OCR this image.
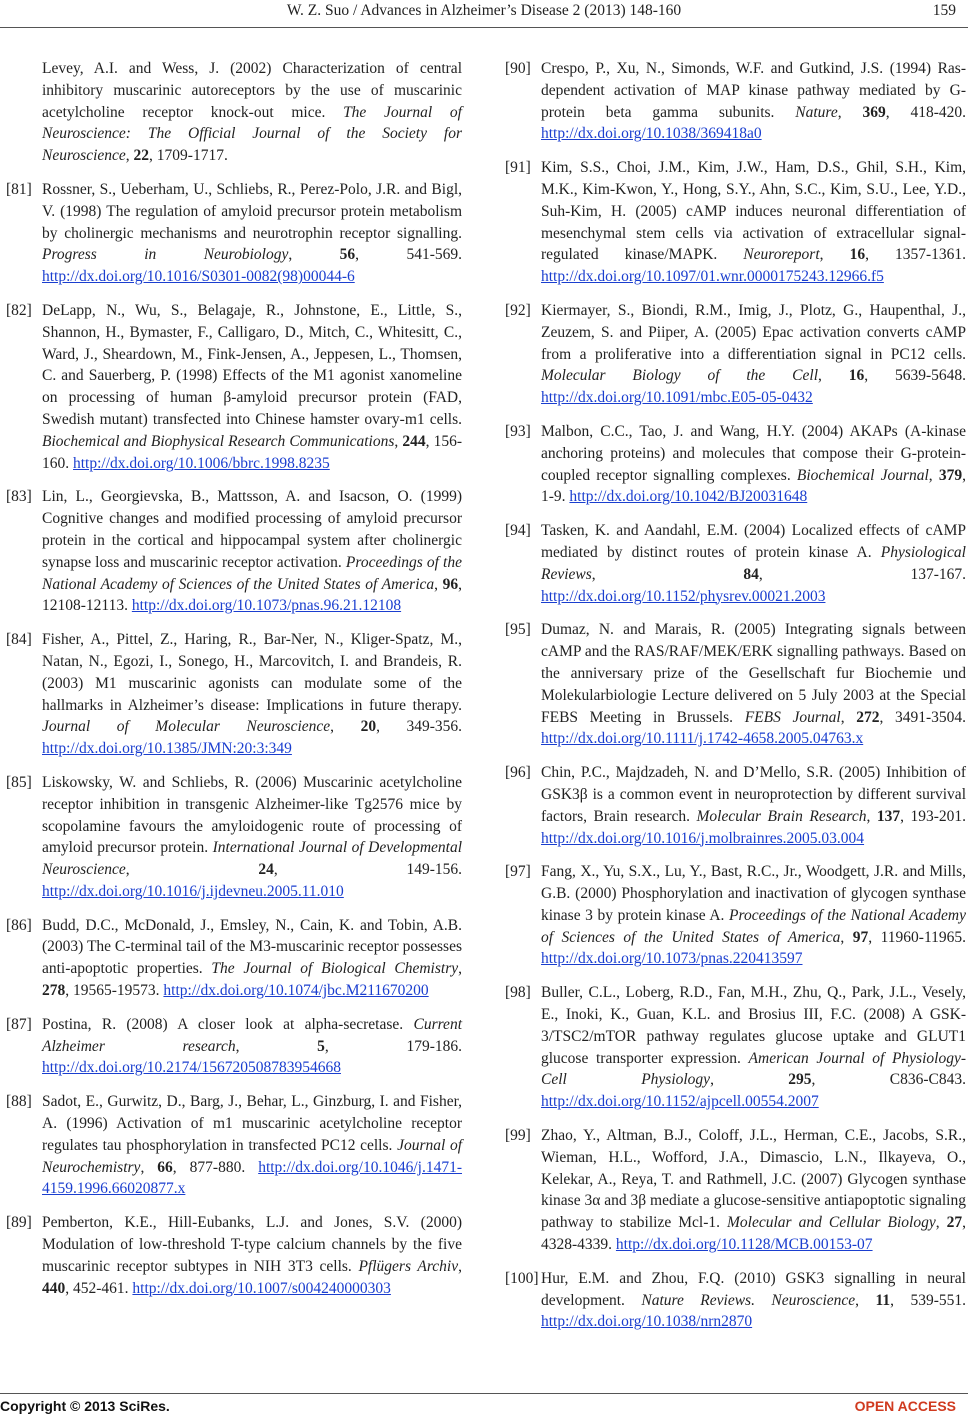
W. Z. Suo / Advances in Alzheimer’s Disease 2 (2013) 148-160	159
Levey, A.I. and Wess, J. (2002) Characterization of central inhibitory muscarinic autoreceptors by the use of muscarinic acetylcholine receptor knock-out mice. The Journal of Neuroscience: The Official Journal of the Society for Neuroscience, 22, 1709-1717.
[81] Rossner, S., Ueberham, U., Schliebs, R., Perez-Polo, J.R. and Bigl, V. (1998) The regulation of amyloid precursor protein metabolism by cholinergic mechanisms and neurotrophin receptor signalling. Progress in Neurobiology, 56, 541-569. http://dx.doi.org/10.1016/S0301-0082(98)00044-6
[82] DeLapp, N., Wu, S., Belagaje, R., Johnstone, E., Little, S., Shannon, H., Bymaster, F., Calligaro, D., Mitch, C., Whitesitt, C., Ward, J., Sheardown, M., Fink-Jensen, A., Jeppesen, L., Thomsen, C. and Sauerberg, P. (1998) Effects of the M1 agonist xanomeline on processing of human β-amyloid precursor protein (FAD, Swedish mutant) transfected into Chinese hamster ovary-m1 cells. Biochemical and Biophysical Research Communications, 244, 156-160. http://dx.doi.org/10.1006/bbrc.1998.8235
[83] Lin, L., Georgievska, B., Mattsson, A. and Isacson, O. (1999) Cognitive changes and modified processing of amyloid precursor protein in the cortical and hippocampal system after cholinergic synapse loss and muscarinic receptor activation. Proceedings of the National Academy of Sciences of the United States of America, 96, 12108-12113. http://dx.doi.org/10.1073/pnas.96.21.12108
[84] Fisher, A., Pittel, Z., Haring, R., Bar-Ner, N., Kliger-Spatz, M., Natan, N., Egozi, I., Sonego, H., Marcovitch, I. and Brandeis, R. (2003) M1 muscarinic agonists can modulate some of the hallmarks in Alzheimer’s disease: Implications in future therapy. Journal of Molecular Neuroscience, 20, 349-356. http://dx.doi.org/10.1385/JMN:20:3:349
[85] Liskowsky, W. and Schliebs, R. (2006) Muscarinic acetylcholine receptor inhibition in transgenic Alzheimer-like Tg2576 mice by scopolamine favours the amyloidogenic route of processing of amyloid precursor protein. International Journal of Developmental Neuroscience, 24, 149-156. http://dx.doi.org/10.1016/j.ijdevneu.2005.11.010
[86] Budd, D.C., McDonald, J., Emsley, N., Cain, K. and Tobin, A.B. (2003) The C-terminal tail of the M3-muscarinic receptor possesses anti-apoptotic properties. The Journal of Biological Chemistry, 278, 19565-19573. http://dx.doi.org/10.1074/jbc.M211670200
[87] Postina, R. (2008) A closer look at alpha-secretase. Current Alzheimer research, 5, 179-186. http://dx.doi.org/10.2174/156720508783954668
[88] Sadot, E., Gurwitz, D., Barg, J., Behar, L., Ginzburg, I. and Fisher, A. (1996) Activation of m1 muscarinic acetylcholine receptor regulates tau phosphorylation in transfected PC12 cells. Journal of Neurochemistry, 66, 877-880. http://dx.doi.org/10.1046/j.1471-4159.1996.66020877.x
[89] Pemberton, K.E., Hill-Eubanks, L.J. and Jones, S.V. (2000) Modulation of low-threshold T-type calcium channels by the five muscarinic receptor subtypes in NIH 3T3 cells. Pflügers Archiv, 440, 452-461. http://dx.doi.org/10.1007/s004240000303
[90] Crespo, P., Xu, N., Simonds, W.F. and Gutkind, J.S. (1994) Ras-dependent activation of MAP kinase pathway mediated by G-protein beta gamma subunits. Nature, 369, 418-420. http://dx.doi.org/10.1038/369418a0
[91] Kim, S.S., Choi, J.M., Kim, J.W., Ham, D.S., Ghil, S.H., Kim, M.K., Kim-Kwon, Y., Hong, S.Y., Ahn, S.C., Kim, S.U., Lee, Y.D., Suh-Kim, H. (2005) cAMP induces neuronal differentiation of mesenchymal stem cells via activation of extracellular signal-regulated kinase/MAPK. Neuroreport, 16, 1357-1361. http://dx.doi.org/10.1097/01.wnr.0000175243.12966.f5
[92] Kiermayer, S., Biondi, R.M., Imig, J., Plotz, G., Haupenthal, J., Zeuzem, S. and Piiper, A. (2005) Epac activation converts cAMP from a proliferative into a differentiation signal in PC12 cells. Molecular Biology of the Cell, 16, 5639-5648. http://dx.doi.org/10.1091/mbc.E05-05-0432
[93] Malbon, C.C., Tao, J. and Wang, H.Y. (2004) AKAPs (A-kinase anchoring proteins) and molecules that compose their G-protein-coupled receptor signalling complexes. Biochemical Journal, 379, 1-9. http://dx.doi.org/10.1042/BJ20031648
[94] Tasken, K. and Aandahl, E.M. (2004) Localized effects of cAMP mediated by distinct routes of protein kinase A. Physiological Reviews, 84, 137-167. http://dx.doi.org/10.1152/physrev.00021.2003
[95] Dumaz, N. and Marais, R. (2005) Integrating signals between cAMP and the RAS/RAF/MEK/ERK signalling pathways. Based on the anniversary prize of the Gesellschaft fur Biochemie und Molekularbiologie Lecture delivered on 5 July 2003 at the Special FEBS Meeting in Brussels. FEBS Journal, 272, 3491-3504. http://dx.doi.org/10.1111/j.1742-4658.2005.04763.x
[96] Chin, P.C., Majdzadeh, N. and D’Mello, S.R. (2005) Inhibition of GSK3β is a common event in neuroprotection by different survival factors, Brain research. Molecular Brain Research, 137, 193-201. http://dx.doi.org/10.1016/j.molbrainres.2005.03.004
[97] Fang, X., Yu, S.X., Lu, Y., Bast, R.C., Jr., Woodgett, J.R. and Mills, G.B. (2000) Phosphorylation and inactivation of glycogen synthase kinase 3 by protein kinase A. Proceedings of the National Academy of Sciences of the United States of America, 97, 11960-11965. http://dx.doi.org/10.1073/pnas.220413597
[98] Buller, C.L., Loberg, R.D., Fan, M.H., Zhu, Q., Park, J.L., Vesely, E., Inoki, K., Guan, K.L. and Brosius III, F.C. (2008) A GSK-3/TSC2/mTOR pathway regulates glucose uptake and GLUT1 glucose transporter expression. American Journal of Physiology-Cell Physiology, 295, C836-C843. http://dx.doi.org/10.1152/ajpcell.00554.2007
[99] Zhao, Y., Altman, B.J., Coloff, J.L., Herman, C.E., Jacobs, S.R., Wieman, H.L., Wofford, J.A., Dimascio, L.N., Ilkayeva, O., Kelekar, A., Reya, T. and Rathmell, J.C. (2007) Glycogen synthase kinase 3α and 3β mediate a glucose-sensitive antiapoptotic signaling pathway to stabilize Mcl-1. Molecular and Cellular Biology, 27, 4328-4339. http://dx.doi.org/10.1128/MCB.00153-07
[100] Hur, E.M. and Zhou, F.Q. (2010) GSK3 signalling in neural development. Nature Reviews. Neuroscience, 11, 539-551. http://dx.doi.org/10.1038/nrn2870
Copyright © 2013 SciRes.	OPEN ACCESS
